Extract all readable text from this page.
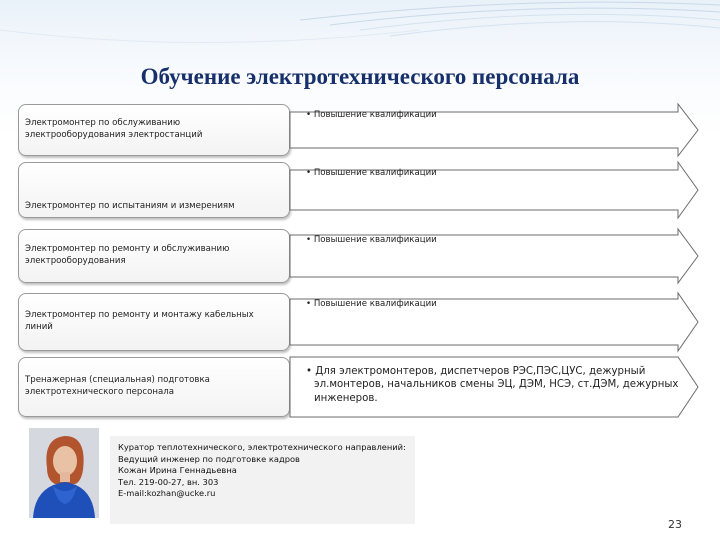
Обучение электротехнического персонала
Электромонтер по обслуживанию электрооборудования электростанций
• Повышение квалификации
Электромонтер по испытаниям и измерениям
• Повышение квалификации
Электромонтер по ремонту и обслуживанию электрооборудования
• Повышение квалификации
Электромонтер по ремонту и монтажу кабельных линий
• Повышение квалификации
Тренажерная (специальная) подготовка электротехнического персонала
• Для электромонтеров, диспетчеров РЭС,ПЭС,ЦУС, дежурный эл.монтеров, начальников смены ЭЦ, ДЭМ, НСЭ, ст.ДЭМ, дежурных инженеров.
Куратор теплотехнического, электротехнического направлений:
Ведущий инженер по подготовке кадров
Кожан Ирина Геннадьевна
Тел. 219-00-27, вн. 303
E-mail:kozhan@ucke.ru
23
